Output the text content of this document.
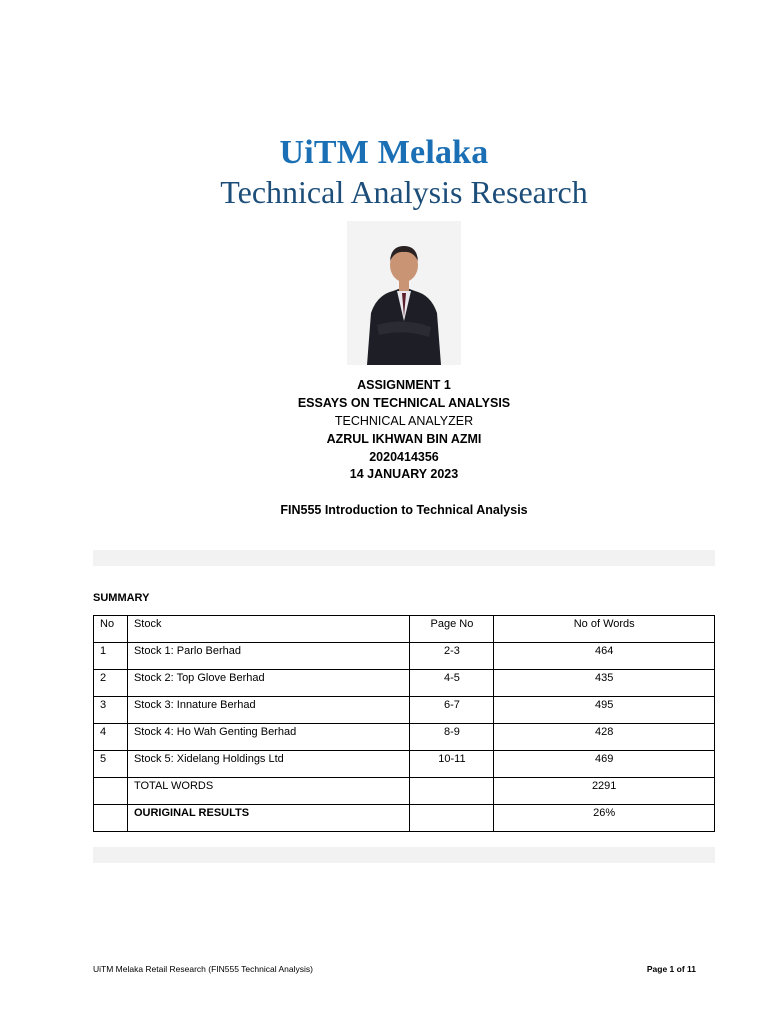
UiTM Melaka
Technical Analysis Research
ASSIGNMENT 1
ESSAYS ON TECHNICAL ANALYSIS
TECHNICAL ANALYZER
AZRUL IKHWAN BIN AZMI
2020414356
14 JANUARY 2023
FIN555 Introduction to Technical Analysis
SUMMARY
No	Stock	Page No	No of Words
1	Stock 1: Parlo Berhad	2-3	464
2	Stock 2: Top Glove Berhad	4-5	435
3	Stock 3: Innature Berhad	6-7	495
4	Stock 4: Ho Wah Genting Berhad	8-9	428
5	Stock 5: Xidelang Holdings Ltd	10-11	469
	TOTAL WORDS		2291
	OURIGINAL RESULTS		26%
UiTM Melaka Retail Research (FIN555 Technical Analysis)	Page 1 of 11
